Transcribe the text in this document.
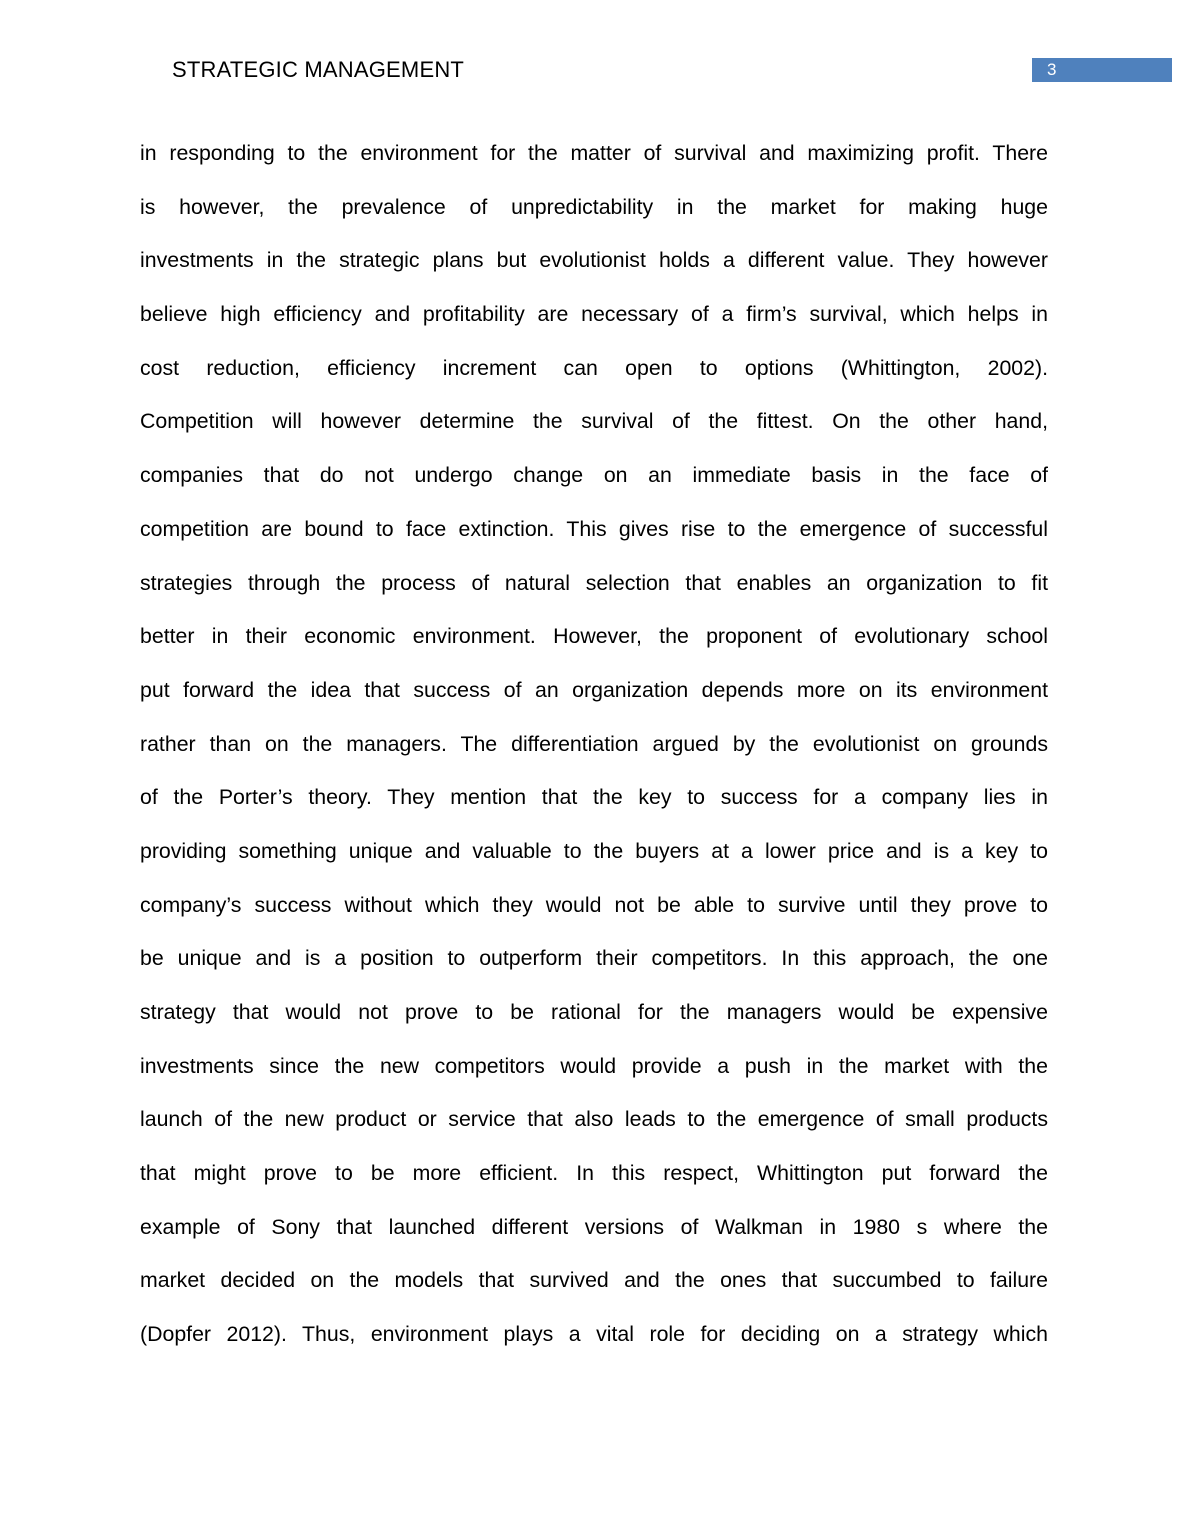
STRATEGIC MANAGEMENT	3
in responding to the environment for the matter of survival and maximizing profit. There
is however, the prevalence of unpredictability in the market for making huge
investments in the strategic plans but evolutionist holds a different value. They however
believe high efficiency and profitability are necessary of a firm’s survival, which helps in
cost reduction, efficiency increment can open to options (Whittington, 2002).
Competition will however determine the survival of the fittest. On the other hand,
companies that do not undergo change on an immediate basis in the face of
competition are bound to face extinction. This gives rise to the emergence of successful
strategies through the process of natural selection that enables an organization to fit
better in their economic environment. However, the proponent of evolutionary school
put forward the idea that success of an organization depends more on its environment
rather than on the managers. The differentiation argued by the evolutionist on grounds
of the Porter’s theory. They mention that the key to success for a company lies in
providing something unique and valuable to the buyers at a lower price and is a key to
company’s success without which they would not be able to survive until they prove to
be unique and is a position to outperform their competitors. In this approach, the one
strategy that would not prove to be rational for the managers would be expensive
investments since the new competitors would provide a push in the market with the
launch of the new product or service that also leads to the emergence of small products
that might prove to be more efficient. In this respect, Whittington put forward the
example of Sony that launched different versions of Walkman in 1980 s where the
market decided on the models that survived and the ones that succumbed to failure
(Dopfer 2012). Thus, environment plays a vital role for deciding on a strategy which
